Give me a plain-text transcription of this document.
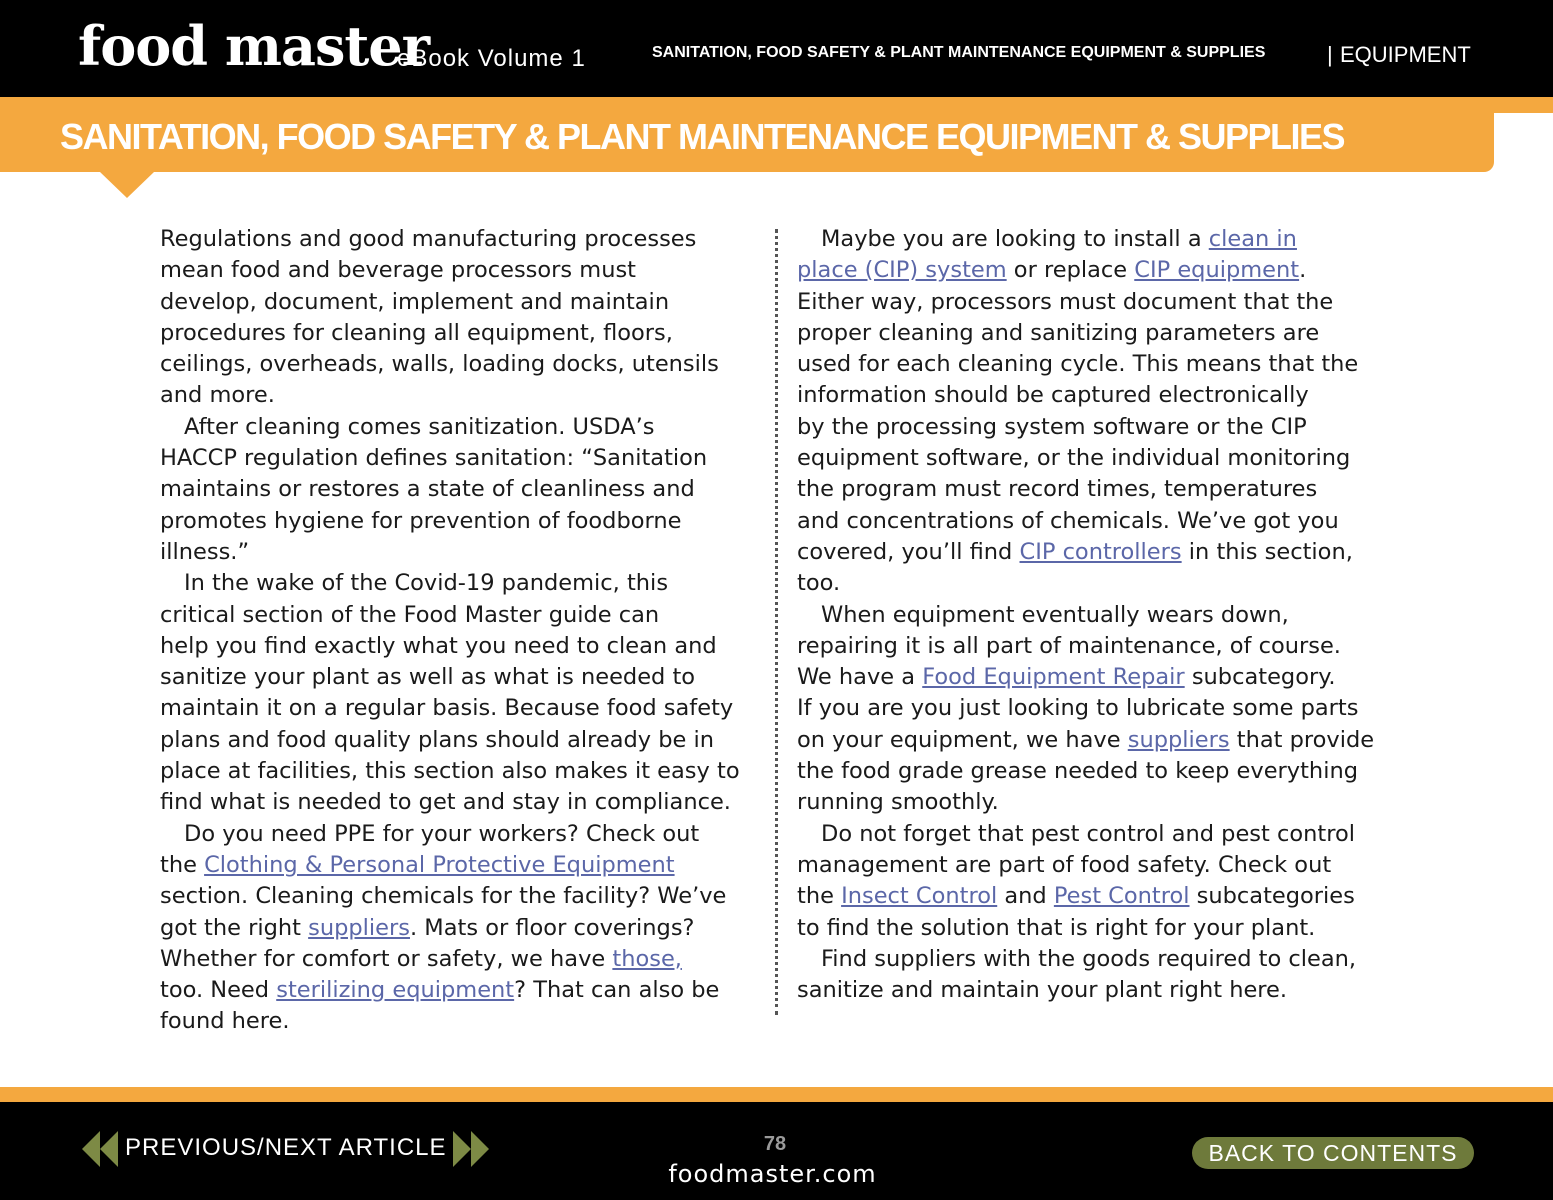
food master
eBook Volume 1	SANITATION, FOOD SAFETY & PLANT MAINTENANCE EQUIPMENT & SUPPLIES	| EQUIPMENT
SANITATION, FOOD SAFETY & PLANT MAINTENANCE EQUIPMENT & SUPPLIES

Regulations and good manufacturing processes

mean food and beverage processors must

develop, document, implement and maintain

procedures for cleaning all equipment, floors,

ceilings, overheads, walls, loading docks, utensils

and more.

After cleaning comes sanitization. USDA’s

HACCP regulation defines sanitation: “Sanitation

maintains or restores a state of cleanliness and

promotes hygiene for prevention of foodborne

illness.”

In the wake of the Covid-19 pandemic, this

critical section of the Food Master guide can

help you find exactly what you need to clean and

sanitize your plant as well as what is needed to

maintain it on a regular basis. Because food safety

plans and food quality plans should already be in

place at facilities, this section also makes it easy to

find what is needed to get and stay in compliance.

Do you need PPE for your workers? Check out

the Clothing & Personal Protective Equipment

section. Cleaning chemicals for the facility? We’ve

got the right suppliers. Mats or floor coverings?

Whether for comfort or safety, we have those,

too. Need sterilizing equipment? That can also be

found here.

Maybe you are looking to install a clean in

place (CIP) system or replace CIP equipment.

Either way, processors must document that the

proper cleaning and sanitizing parameters are

used for each cleaning cycle. This means that the

information should be captured electronically

by the processing system software or the CIP

equipment software, or the individual monitoring

the program must record times, temperatures

and concentrations of chemicals. We’ve got you

covered, you’ll find CIP controllers in this section,

too.

When equipment eventually wears down,

repairing it is all part of maintenance, of course.

We have a Food Equipment Repair subcategory.

If you are you just looking to lubricate some parts

on your equipment, we have suppliers that provide

the food grade grease needed to keep everything

running smoothly.

Do not forget that pest control and pest control

management are part of food safety. Check out

the Insect Control and Pest Control subcategories

to find the solution that is right for your plant.

Find suppliers with the goods required to clean,

sanitize and maintain your plant right here.

PREVIOUS/NEXT ARTICLE	78
foodmaster.com
BACK TO CONTENTS
